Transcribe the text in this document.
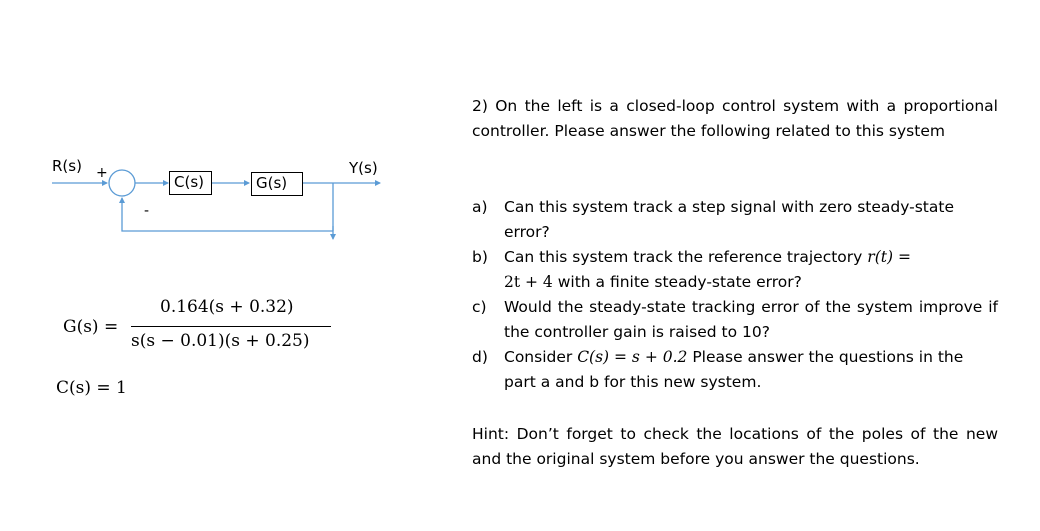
R(s) +
-
C(s)	G(s)
Y(s)
G(s) =
0.164(s + 0.32)
s(s − 0.01)(s + 0.25)
C(s) = 1
2) On the left is a closed-loop control system with a proportional controller. Please answer the following related to this system
a) Can this system track a step signal with zero steady-state error?
b) Can this system track the reference trajectory r(t) =
2t + 4 with a finite steady-state error?
c) Would the steady-state tracking error of the system improve if the controller gain is raised to 10?
d) Consider C(s) = s + 0.2 Please answer the questions in the part a and b for this new system.
Hint: Don’t forget to check the locations of the poles of the new and the original system before you answer the questions.
